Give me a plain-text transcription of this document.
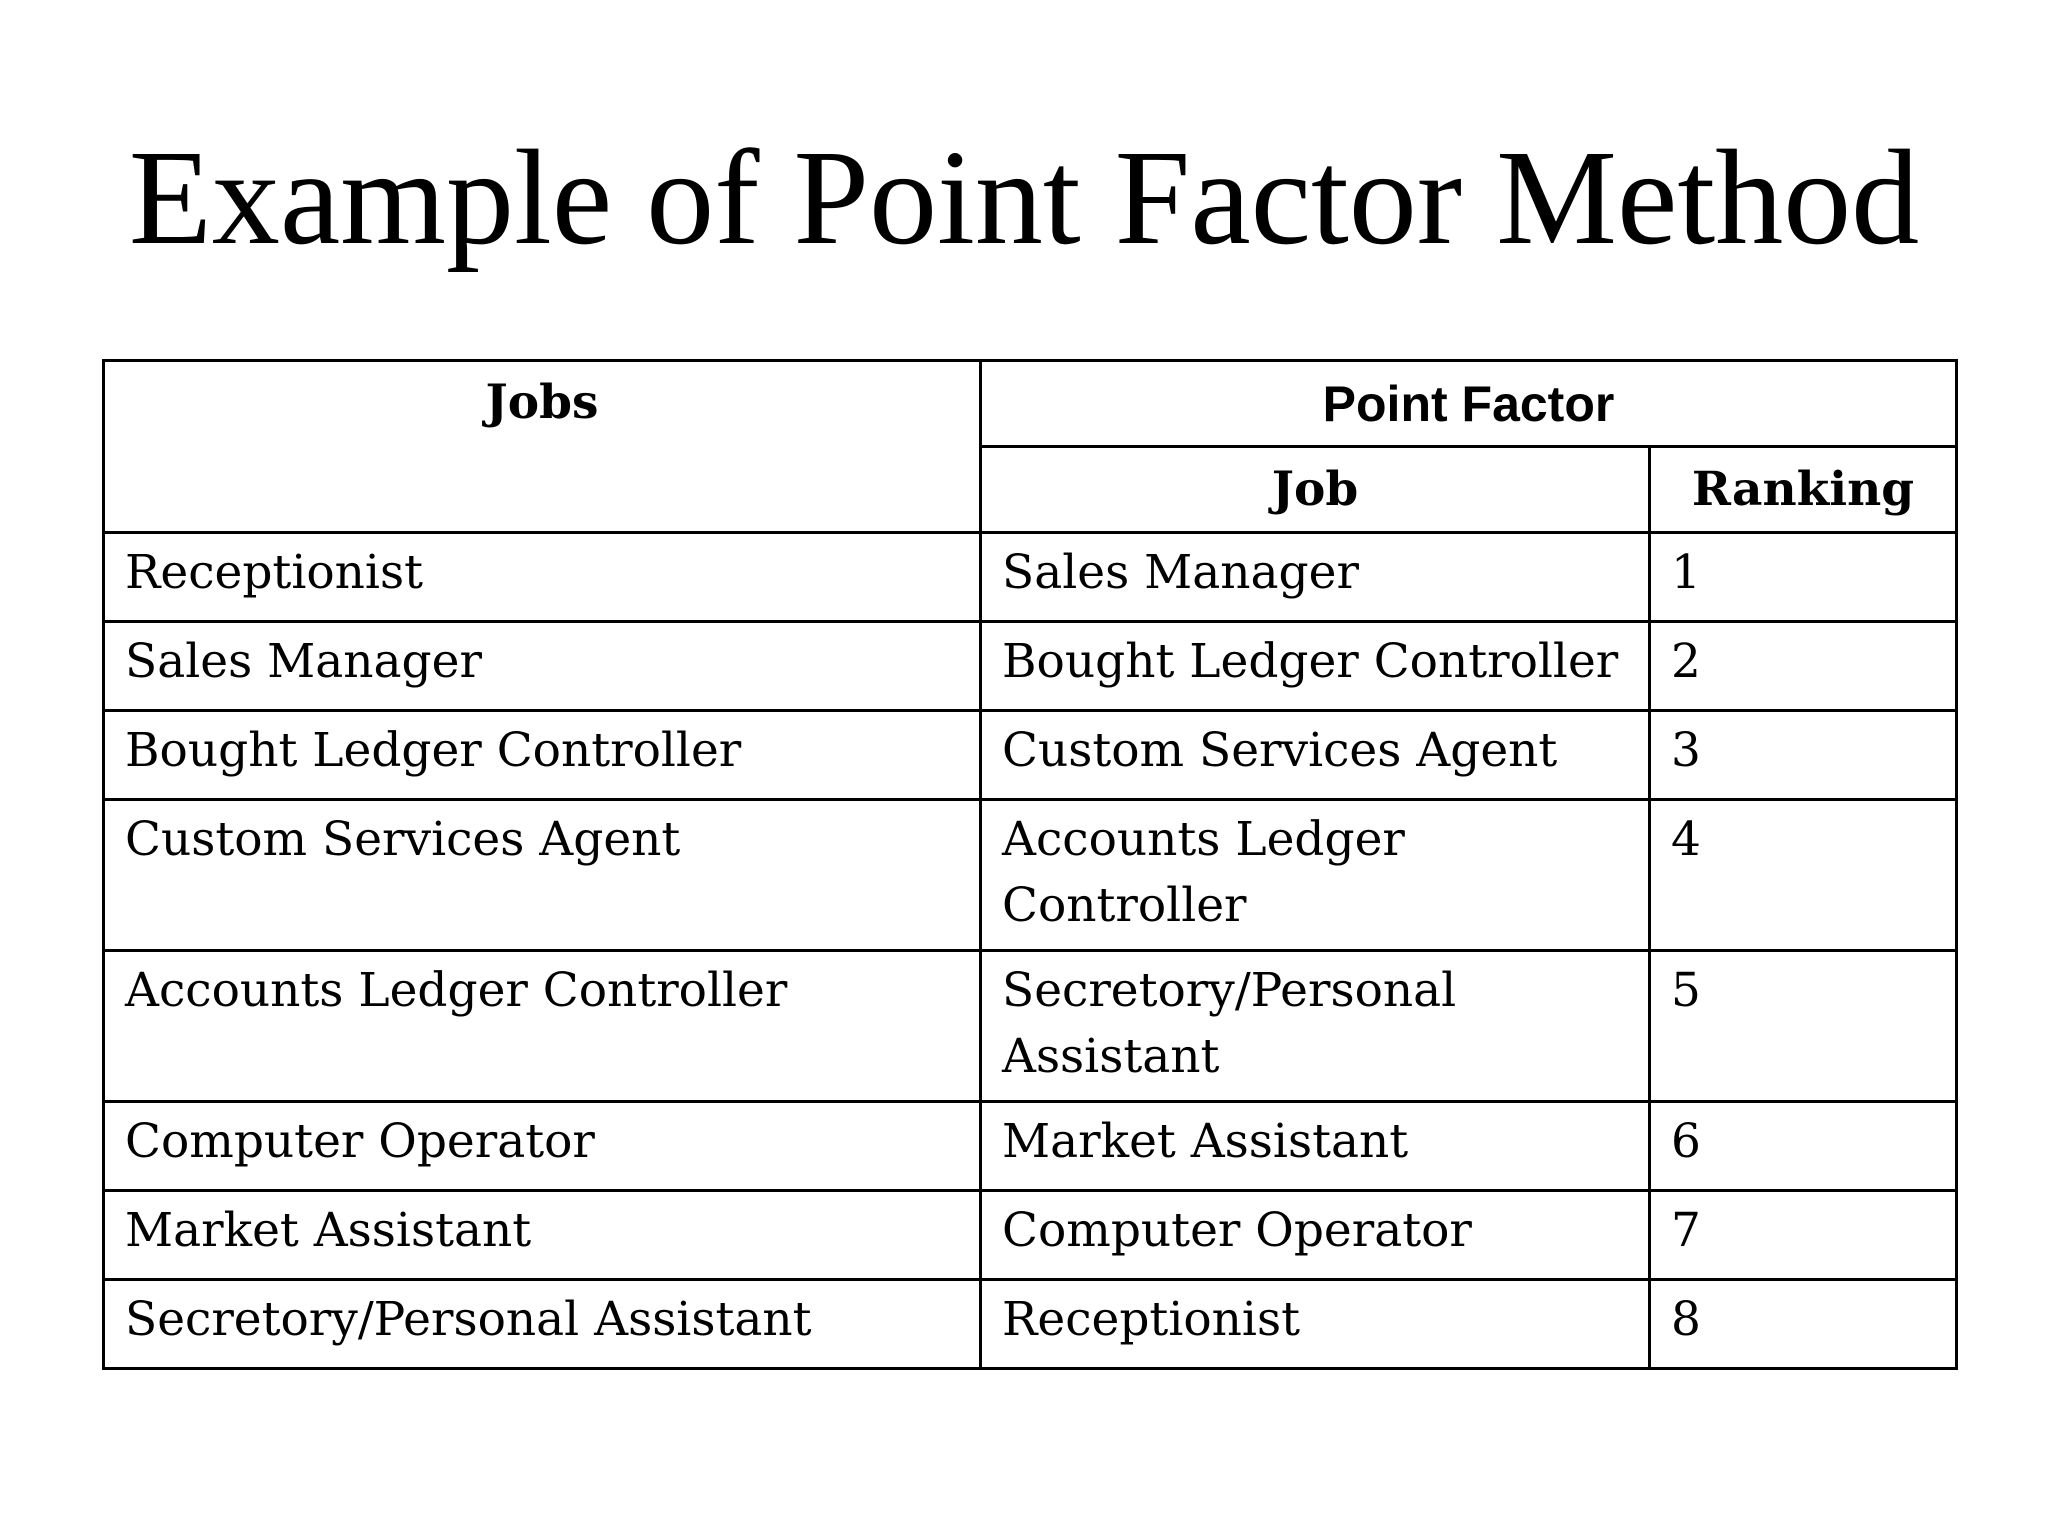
Example of Point Factor Method
Jobs	Point Factor	
	Job	Ranking
Receptionist	Sales Manager	1
Sales Manager	Bought Ledger Controller	2
Bought Ledger Controller	Custom Services Agent	3
Custom Services Agent	Accounts Ledger Controller	4
Accounts Ledger Controller	Secretory/Personal Assistant	5
Computer Operator	Market Assistant	6
Market Assistant	Computer Operator	7
Secretory/Personal Assistant	Receptionist	8
